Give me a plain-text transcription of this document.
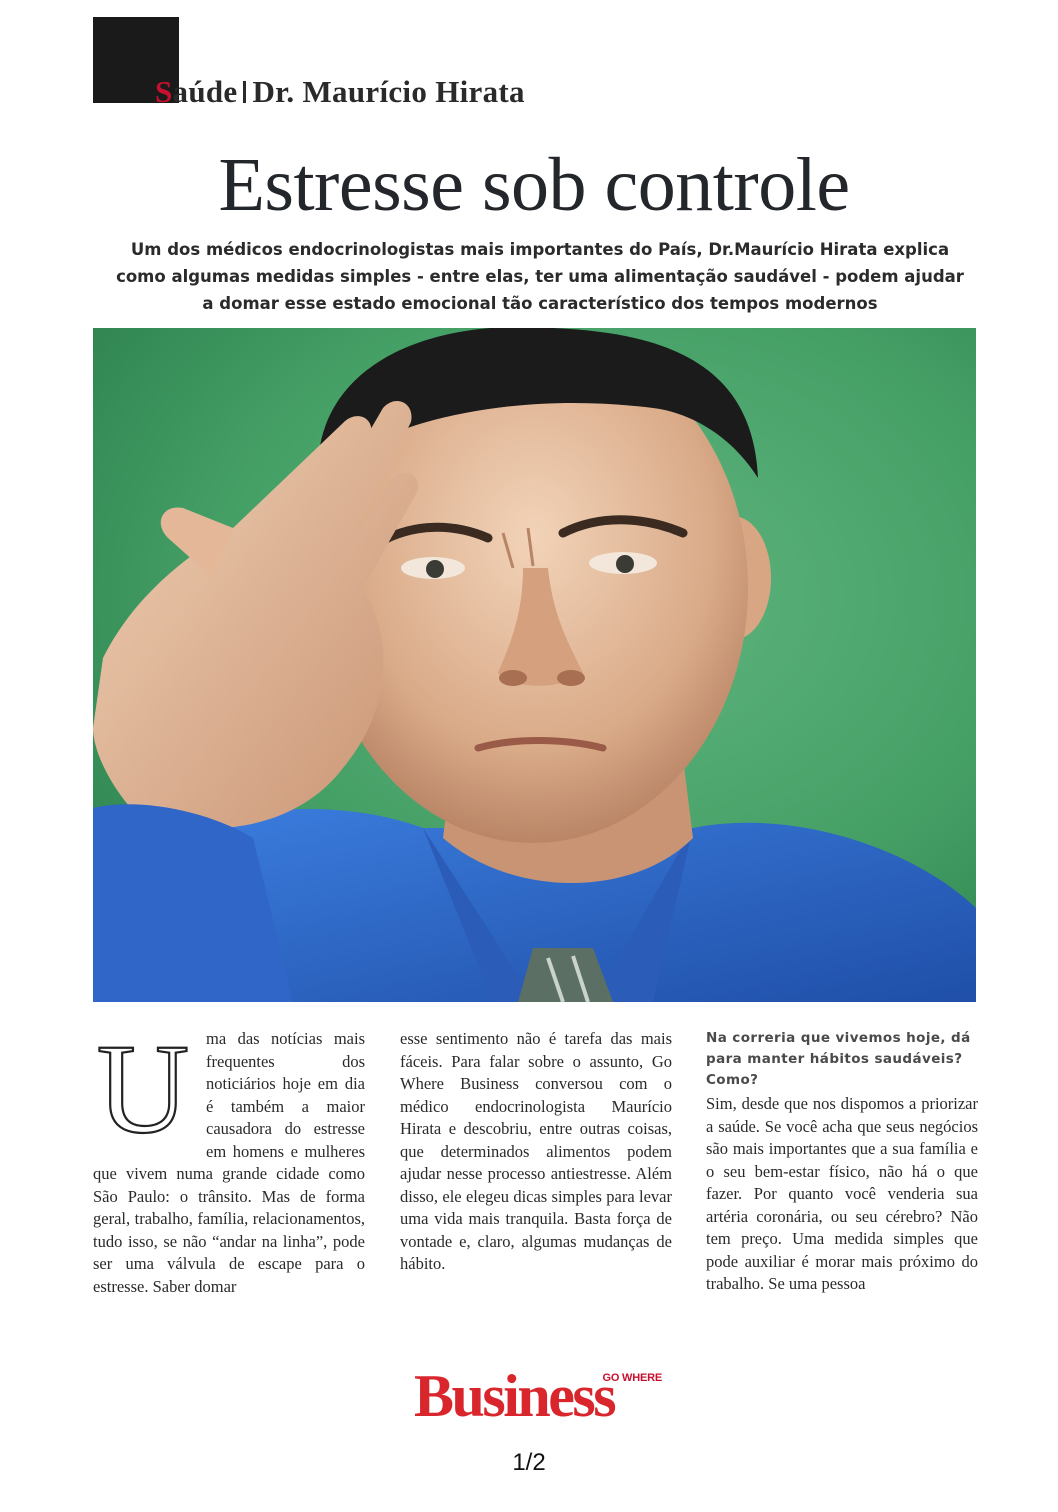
Saúde Dr. Maurício Hirata
Estresse sob controle

Um dos médicos endocrinologistas mais importantes do País, Dr.Maurício Hirata explica como algumas medidas simples - entre elas, ter uma alimentação saudável - podem ajudar a domar esse estado emocional tão característico dos tempos modernos

U	ma das notícias mais frequentes dos noticiários hoje em dia é também a maior causadora do estresse em homens e mulheres que vivem numa grande cidade como São Paulo: o trânsito. Mas de forma geral, trabalho, família, relacionamentos, tudo isso, se não “andar na linha”, pode ser uma válvula de escape para o estresse. Saber domar

esse sentimento não é tarefa das mais fáceis. Para falar sobre o assunto, Go Where Business conversou com o médico endocrinologista Maurício Hirata e descobriu, entre outras coisas, que determinados alimentos podem ajudar nesse processo antiestresse. Além disso, ele elegeu dicas simples para levar uma vida mais tranquila. Basta força de vontade e, claro, algumas mudanças de hábito.

Na correria que vivemos hoje, dá para manter hábitos saudáveis? Como?

Sim, desde que nos dispomos a priorizar a saúde. Se você acha que seus negócios são mais importantes que a sua família e o seu bem-estar físico, não há o que fazer. Por quanto você venderia sua artéria coronária, ou seu cérebro? Não tem preço. Uma medida simples que pode auxiliar é morar mais próximo do trabalho. Se uma pessoa

GO WHERE
Business
1/2
